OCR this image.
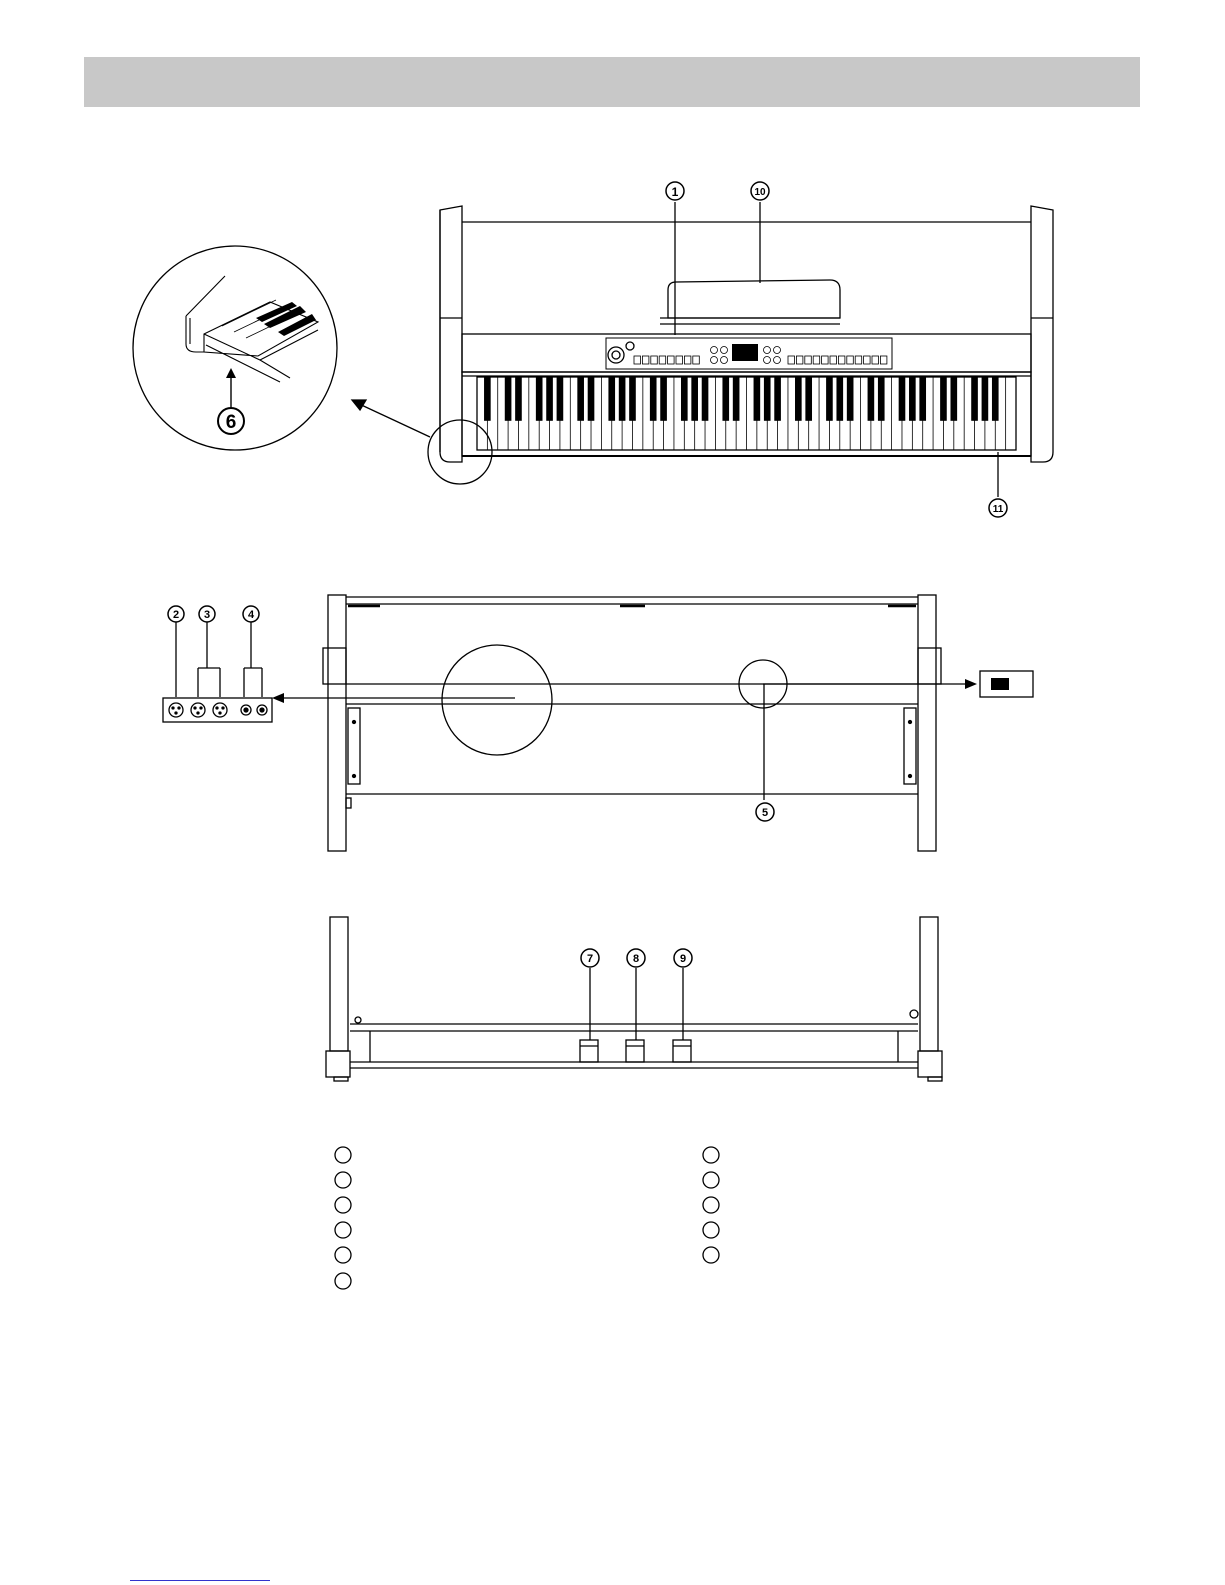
1	10
11
6
2 3	4
5
7	8	9
